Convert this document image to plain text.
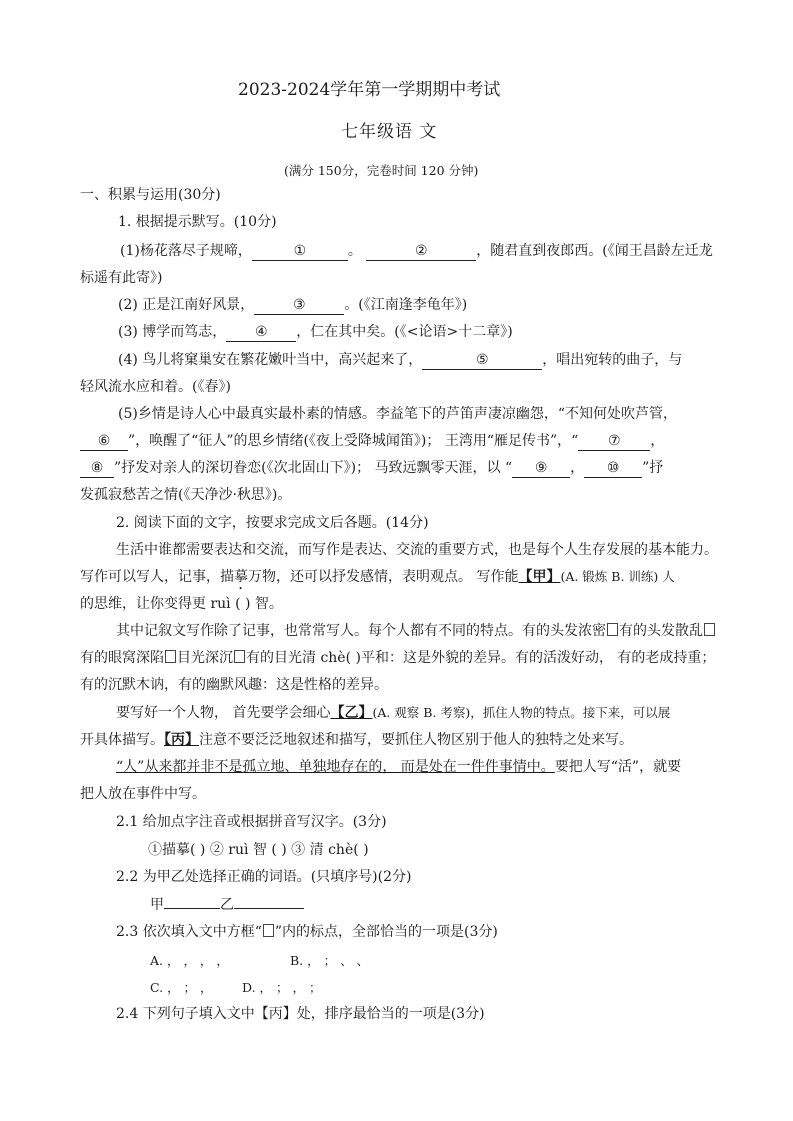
2023-2024学年第一学期期中考试
七年级语 文
(满分 150分，完卷时间 120 分钟)
一、积累与运用(30分)
1. 根据提示默写。(10分)
(1)杨花落尽子规啼，	①	。	②	，随君直到夜郎西。(《闻王昌龄左迁龙
标遥有此寄》)
(2) 正是江南好风景，	③	。(《江南逢李龟年》)
(3) 博学而笃志， ④ ，仁在其中矣。(《<论语>十二章》)
(4) 鸟儿将窠巢安在繁花嫩叶当中，高兴起来了，	⑤	，唱出宛转的曲子，与
轻风流水应和着。(《春》)
(5)乡情是诗人心中最真实最朴素的情感。李益笔下的芦笛声凄凉幽怨，“不知何处吹芦管，
⑥ ”，唤醒了“征人”的思乡情绪(《夜上受降城闻笛》)； 王湾用“雁足传书”，“ ⑦ ，
⑧ ”抒发对亲人的深切眷恋(《次北固山下》)； 马致远飘零天涯，以 “ ⑨ ， ⑩ ”抒
发孤寂愁苦之情(《天净沙·秋思》)。
2. 阅读下面的文字，按要求完成文后各题。(14分)
生活中谁都需要表达和交流，而写作是表达、交流的重要方式，也是每个人生存发展的基本能力。
写作可以写人，记事，描摹万物，还可以抒发感情，表明观点。 写作能【甲】(A. 锻炼 B. 训练) 人
的思维，让你变得更 ruì ( ) 智。
其中记叙文写作除了记事，也常常写人。每个人都有不同的特点。有的头发浓密 有的头发散乱
有的眼窝深陷 目光深沉 有的目光清 chè( )平和：这是外貌的差异。有的活泼好动， 有的老成持重；
有的沉默木讷，有的幽默风趣：这是性格的差异。
要写好一个人物， 首先要学会细心【乙】(A. 观察 B. 考察)，抓住人物的特点。接下来，可以展
开具体描写。【丙】注意不要泛泛地叙述和描写，要抓住人物区别于他人的独特之处来写。
“人”从来都并非不是孤立地、单独地存在的， 而是处在一件件事情中。要把人写“活”，就要
把人放在事件中写。
2.1 给加点字注音或根据拼音写汉字。(3分)
①描摹( ) ② ruì 智 ( ) ③ 清 chè( )
2.2 为甲乙处选择正确的词语。(只填序号)(2分)
甲	乙
2.3 依次填入文中方框“ ”内的标点，全部恰当的一项是(3分)
A. ， ， ， ，	B. ， ； 、 、
C. ， ； ， D. ， ； ， ；
2.4 下列句子填入文中【丙】处，排序最恰当的一项是(3分)
